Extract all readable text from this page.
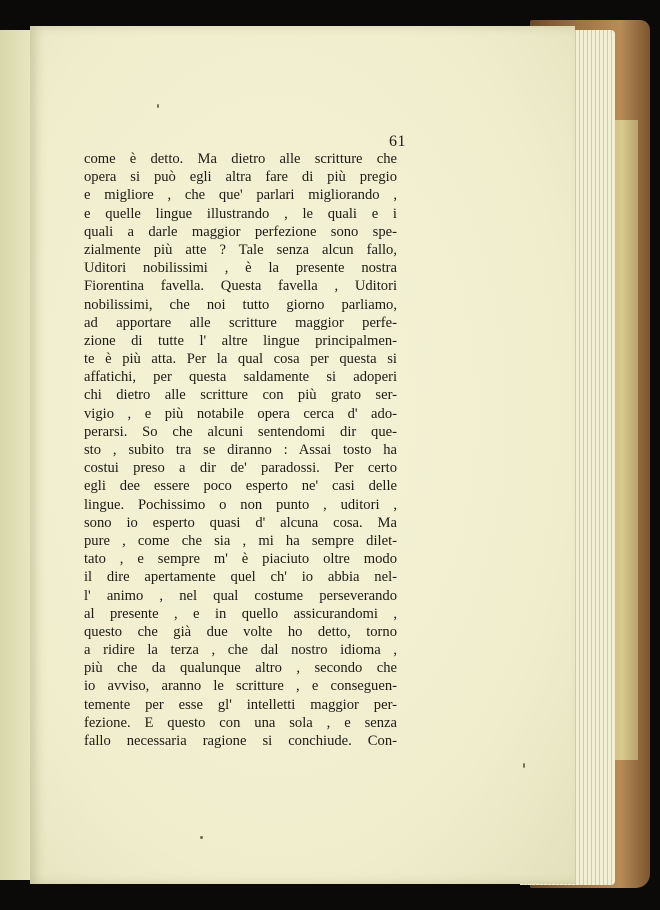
61
come è detto. Ma dietro alle scritture che
opera si può egli altra fare di più pregio
e migliore , che que' parlari migliorando ,
e quelle lingue illustrando , le quali e i
quali a darle maggior perfezione sono spe-
zialmente più atte ? Tale senza alcun fallo,
Uditori nobilissimi , è la presente nostra
Fiorentina favella. Questa favella , Uditori
nobilissimi, che noi tutto giorno parliamo,
ad apportare alle scritture maggior perfe-
zione di tutte l' altre lingue principalmen-
te è più atta. Per la qual cosa per questa si
affatichi, per questa saldamente si adoperi
chi dietro alle scritture con più grato ser-
vigio , e più notabile opera cerca d' ado-
perarsi. So che alcuni sentendomi dir que-
sto , subito tra se diranno : Assai tosto ha
costui preso a dir de' paradossi. Per certo
egli dee essere poco esperto ne' casi delle
lingue. Pochissimo o non punto , uditori ,
sono io esperto quasi d' alcuna cosa. Ma
pure , come che sia , mi ha sempre dilet-
tato , e sempre m' è piaciuto oltre modo
il dire apertamente quel ch' io abbia nel-
l' animo , nel qual costume perseverando
al presente , e in quello assicurandomi ,
questo che già due volte ho detto, torno
a ridire la terza , che dal nostro idioma ,
più che da qualunque altro , secondo che
io avviso, aranno le scritture , e conseguen-
temente per esse gl' intelletti maggior per-
fezione. E questo con una sola , e senza
fallo necessaria ragione si conchiude. Con-
